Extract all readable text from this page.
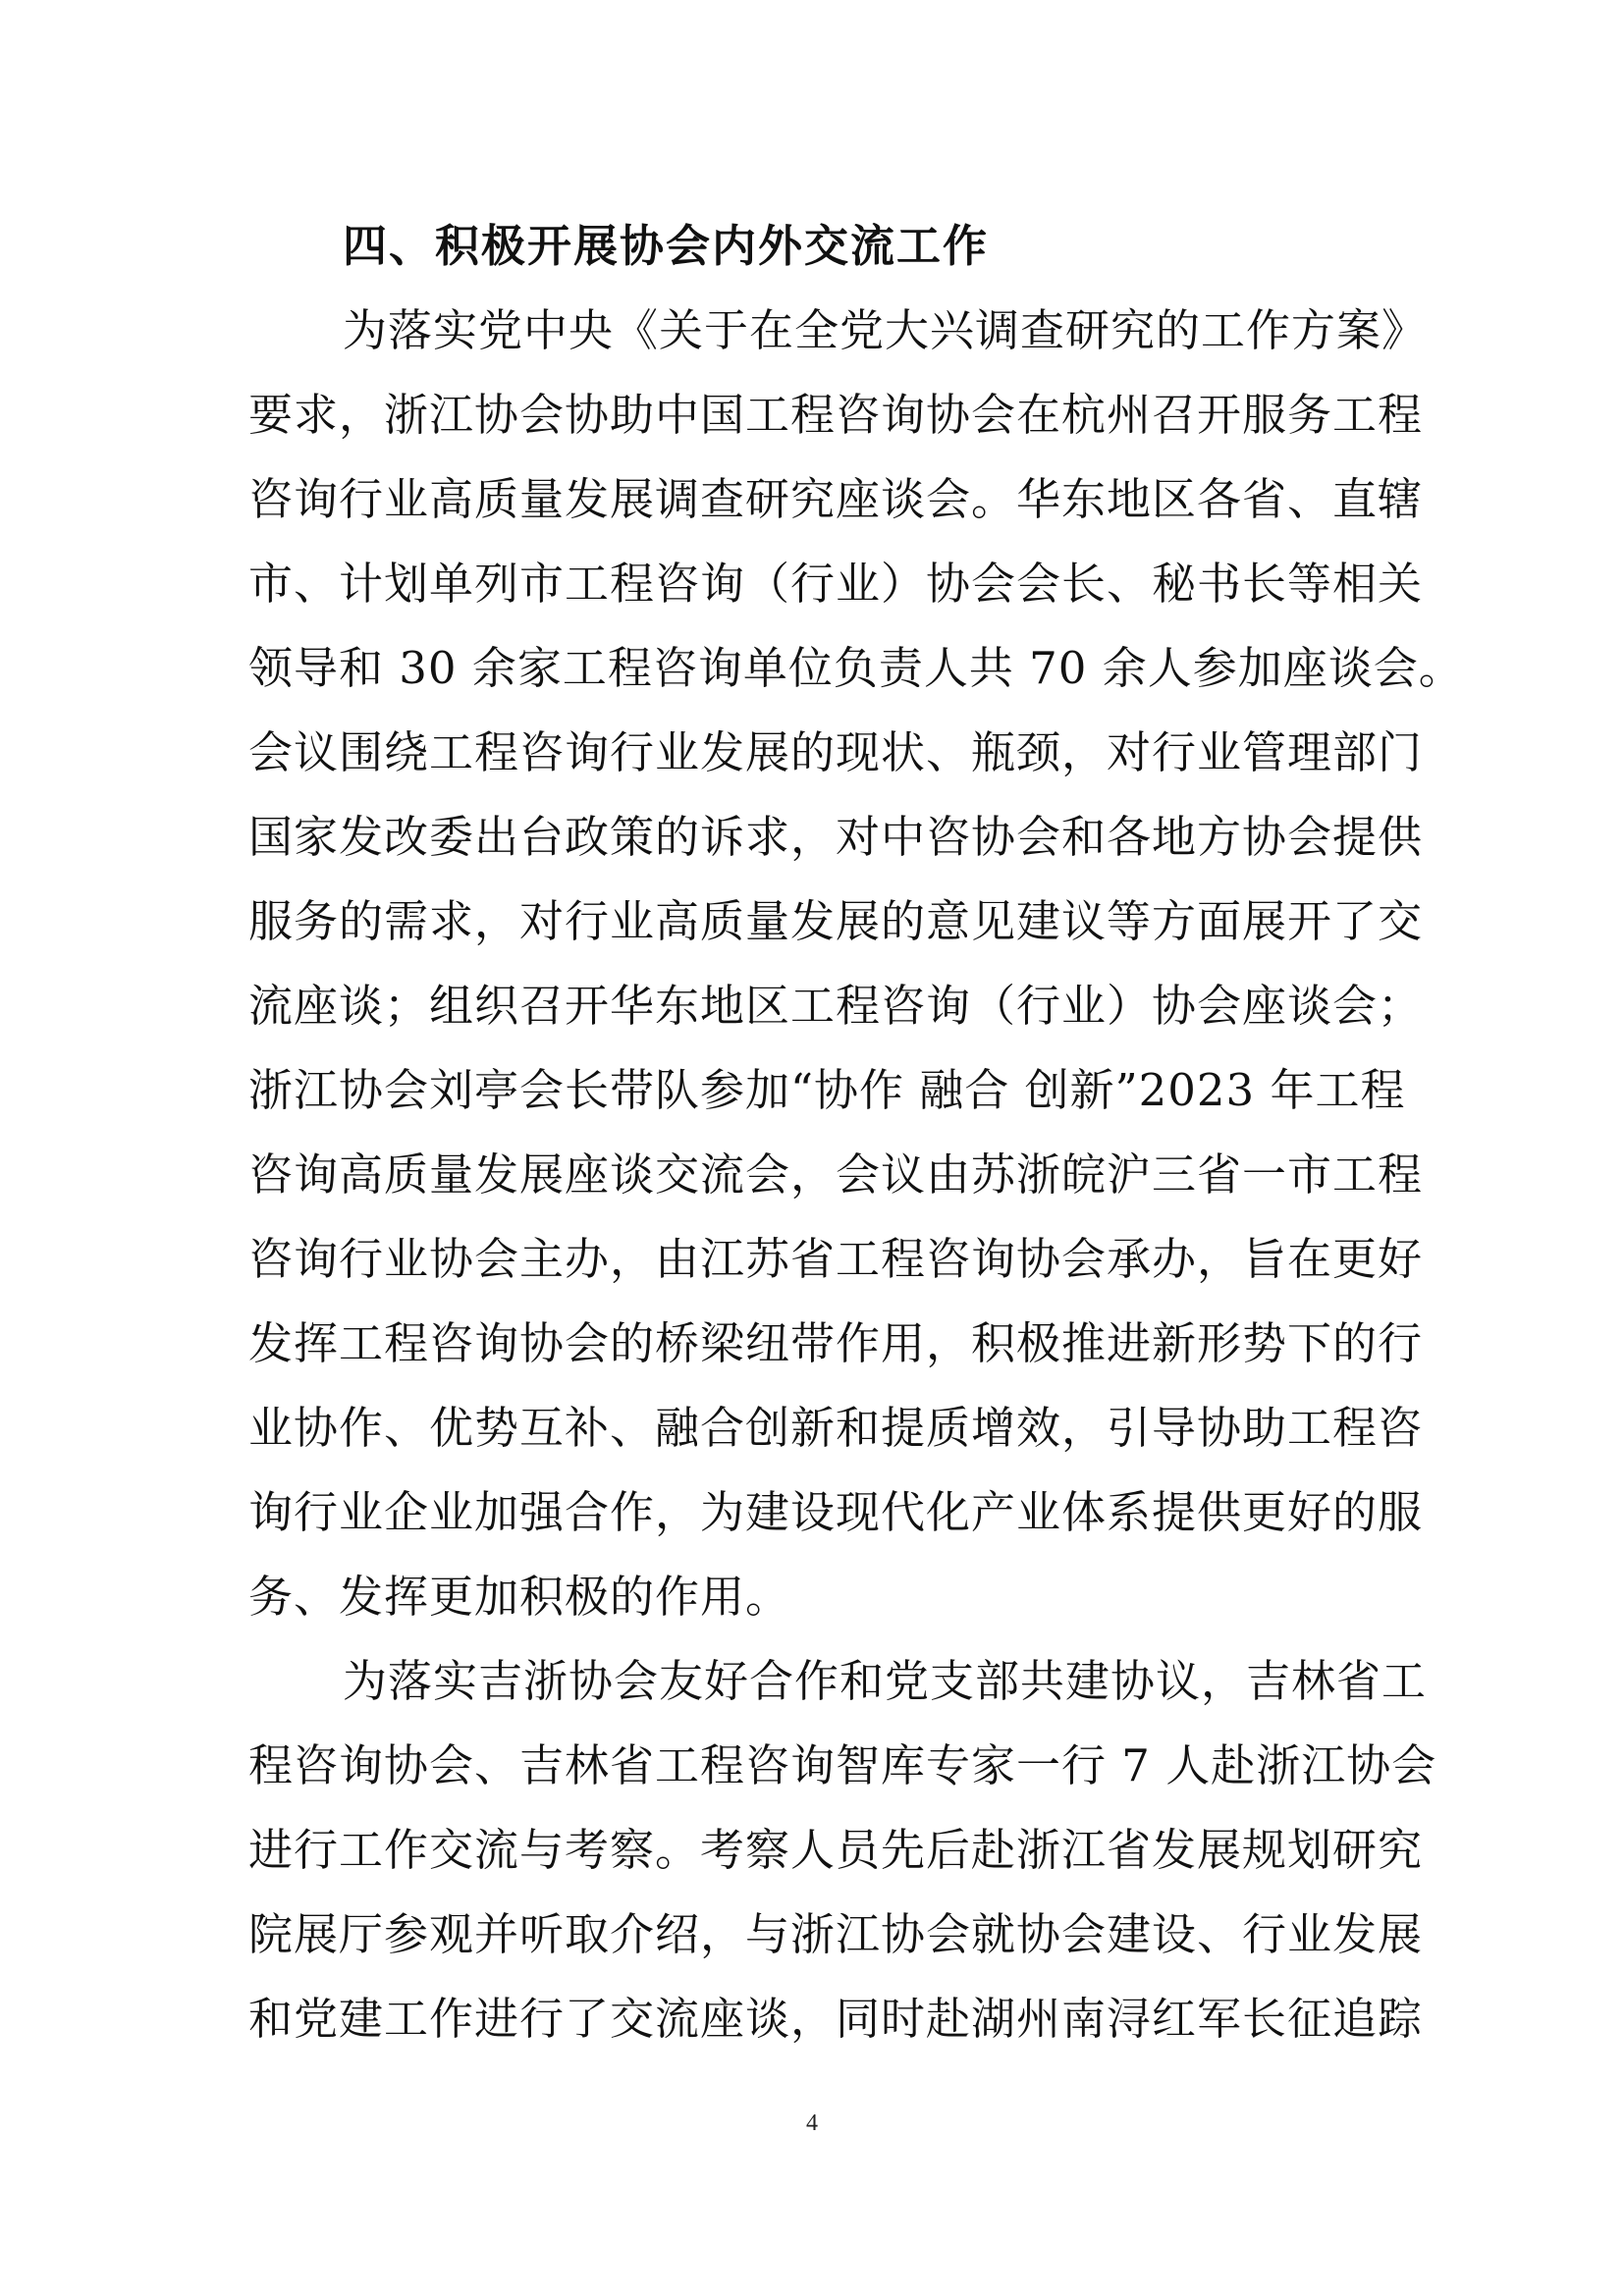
四、积极开展协会内外交流工作
为落实党中央《关于在全党大兴调查研究的工作方案》
要求，浙江协会协助中国工程咨询协会在杭州召开服务工程
咨询行业高质量发展调查研究座谈会。华东地区各省、直辖
市、计划单列市工程咨询（行业）协会会长、秘书长等相关
领导和 30 余家工程咨询单位负责人共 70 余人参加座谈会。
会议围绕工程咨询行业发展的现状、瓶颈，对行业管理部门
国家发改委出台政策的诉求，对中咨协会和各地方协会提供
服务的需求，对行业高质量发展的意见建议等方面展开了交
流座谈；组织召开华东地区工程咨询（行业）协会座谈会；
浙江协会刘亭会长带队参加“协作 融合 创新”2023 年工程
咨询高质量发展座谈交流会，会议由苏浙皖沪三省一市工程
咨询行业协会主办，由江苏省工程咨询协会承办，旨在更好
发挥工程咨询协会的桥梁纽带作用，积极推进新形势下的行
业协作、优势互补、融合创新和提质增效，引导协助工程咨
询行业企业加强合作，为建设现代化产业体系提供更好的服
务、发挥更加积极的作用。
为落实吉浙协会友好合作和党支部共建协议，吉林省工
程咨询协会、吉林省工程咨询智库专家一行 7 人赴浙江协会
进行工作交流与考察。考察人员先后赴浙江省发展规划研究
院展厅参观并听取介绍，与浙江协会就协会建设、行业发展
和党建工作进行了交流座谈，同时赴湖州南浔红军长征追踪
4
